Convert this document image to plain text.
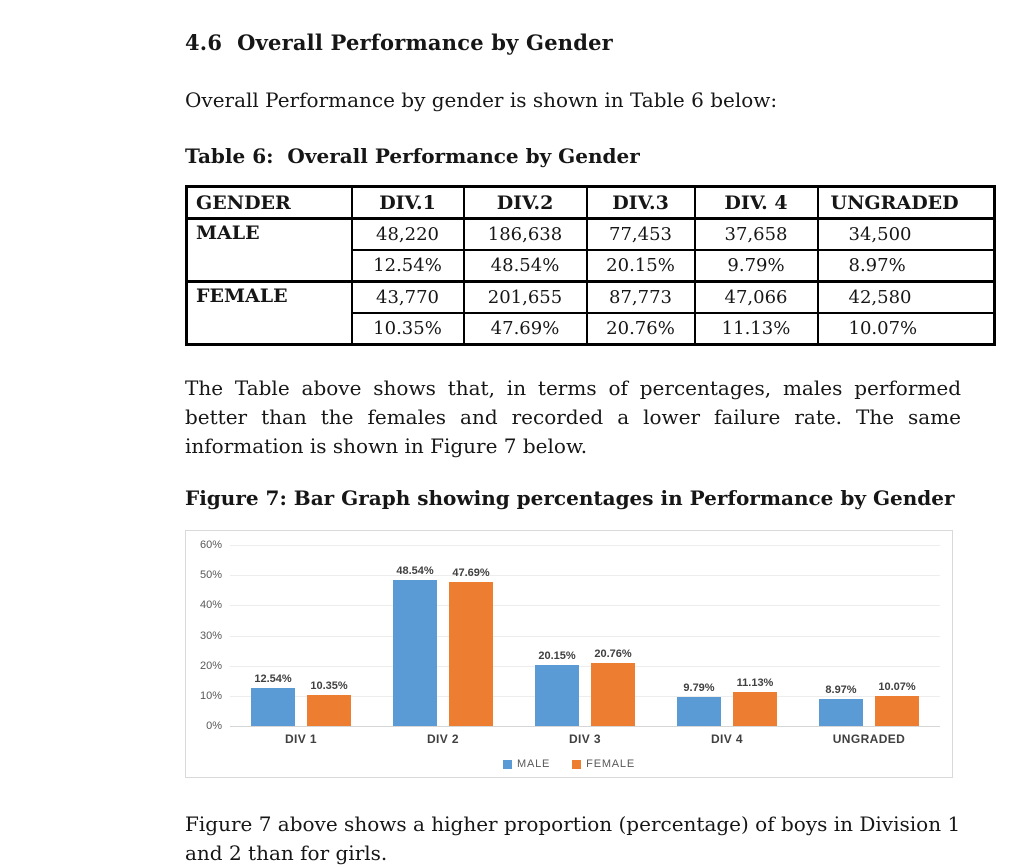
4.6  Overall Performance by Gender

Overall Performance by gender is shown in Table 6 below:

Table 6:  Overall Performance by Gender
GENDER	DIV.1	DIV.2	DIV.3	DIV. 4	UNGRADED
MALE	48,220	186,638	77,453	37,658	34,500
	12.54%	48.54%	20.15%	9.79%	8.97%
FEMALE	43,770	201,655	87,773	47,066	42,580
	10.35%	47.69%	20.76%	11.13%	10.07%

The Table above shows that, in terms of percentages, males performed better than the females and recorded a lower failure rate. The same information is shown in Figure 7 below.

Figure 7: Bar Graph showing percentages in Performance by Gender
60%
50%
40%
30%
20%
10%
0%
12.54%
10.35%
48.54% 47.69%
20.15% 20.76%
9.79% 11.13%
8.97% 10.07%
DIV 1	DIV 2	DIV 3	DIV 4	UNGRADED
MALE	FEMALE

Figure 7 above shows a higher proportion (percentage) of boys in Division 1 and 2 than for girls.
